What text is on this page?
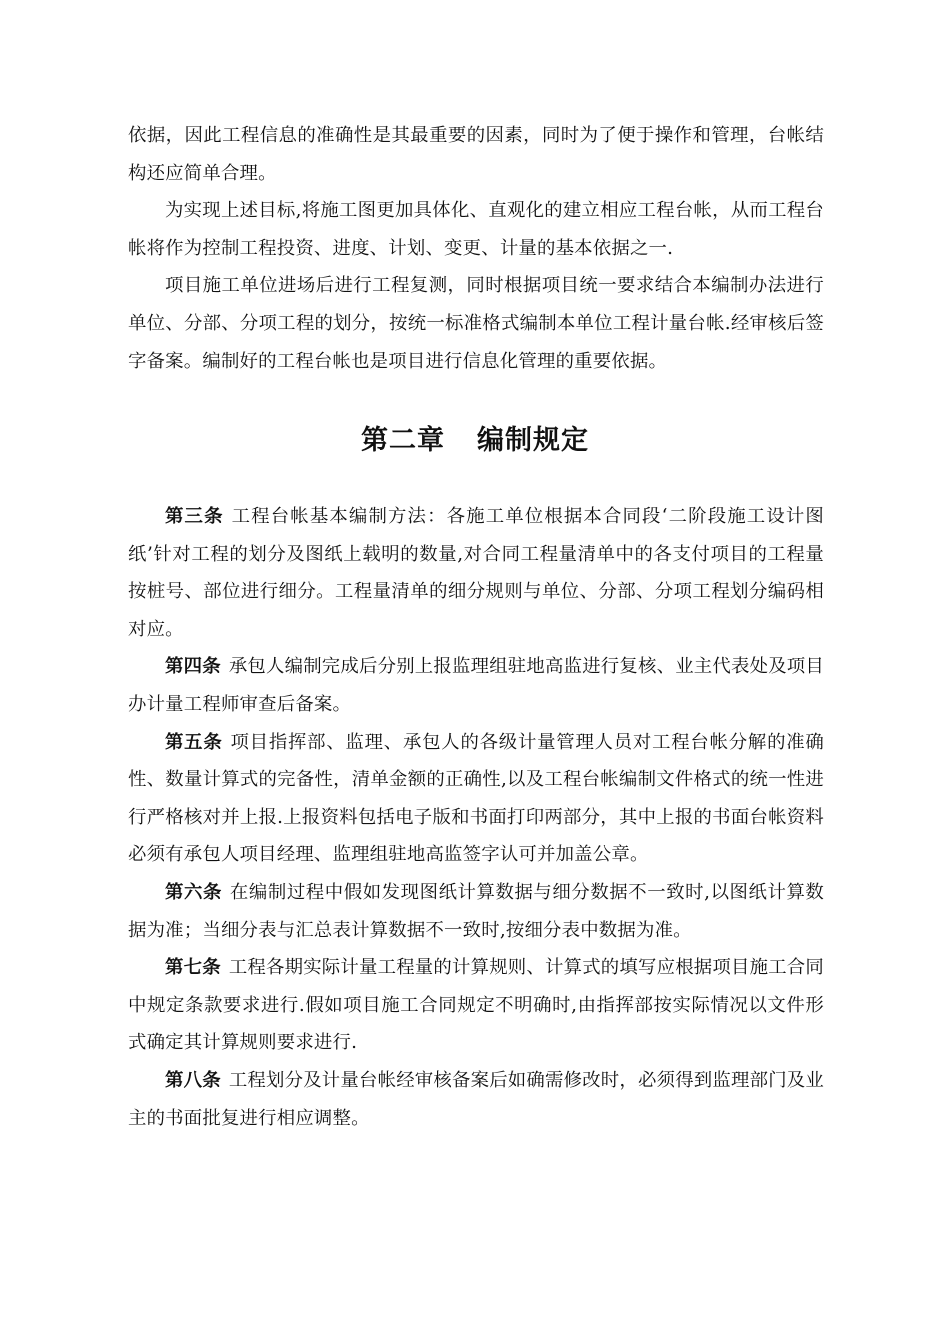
依据，因此工程信息的准确性是其最重要的因素，同时为了便于操作和管理，台帐结构还应简单合理。

为实现上述目标,将施工图更加具体化、直观化的建立相应工程台帐，从而工程台帐将作为控制工程投资、进度、计划、变更、计量的基本依据之一.

项目施工单位进场后进行工程复测，同时根据项目统一要求结合本编制办法进行单位、分部、分项工程的划分，按统一标准格式编制本单位工程计量台帐.经审核后签字备案。编制好的工程台帐也是项目进行信息化管理的重要依据。

第二章 编制规定

第三条 工程台帐基本编制方法：各施工单位根据本合同段‘二阶段施工设计图纸’针对工程的划分及图纸上载明的数量,对合同工程量清单中的各支付项目的工程量按桩号、部位进行细分。工程量清单的细分规则与单位、分部、分项工程划分编码相对应。

第四条 承包人编制完成后分别上报监理组驻地高监进行复核、业主代表处及项目办计量工程师审查后备案。

第五条 项目指挥部、监理、承包人的各级计量管理人员对工程台帐分解的准确性、数量计算式的完备性，清单金额的正确性,以及工程台帐编制文件格式的统一性进行严格核对并上报.上报资料包括电子版和书面打印两部分，其中上报的书面台帐资料必须有承包人项目经理、监理组驻地高监签字认可并加盖公章。

第六条 在编制过程中假如发现图纸计算数据与细分数据不一致时,以图纸计算数据为准；当细分表与汇总表计算数据不一致时,按细分表中数据为准。

第七条 工程各期实际计量工程量的计算规则、计算式的填写应根据项目施工合同中规定条款要求进行.假如项目施工合同规定不明确时,由指挥部按实际情况以文件形式确定其计算规则要求进行.

第八条 工程划分及计量台帐经审核备案后如确需修改时，必须得到监理部门及业主的书面批复进行相应调整。
